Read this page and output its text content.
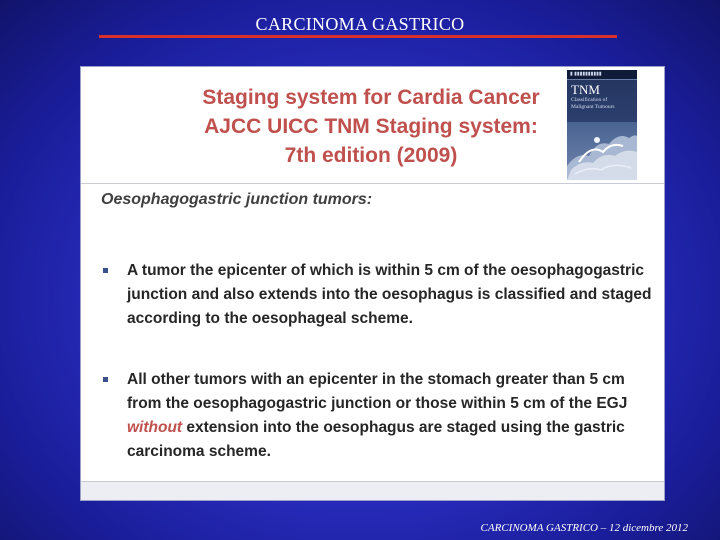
CARCINOMA GASTRICO
Staging system for Cardia Cancer
AJCC UICC TNM Staging system:
7th edition (2009)
▮ ▮▮▮▮▮▮▮▮▮▮
TNM
Classification of Malignant Tumours
Oesophagogastric junction tumors:
A tumor the epicenter of which is within 5 cm of the oesophagogastric junction and also extends into the oesophagus is classified and staged according to the oesophageal scheme.
All other tumors with an epicenter in the stomach greater than 5 cm from the oesophagogastric junction or those within 5 cm of the EGJ without extension into the oesophagus are staged using the gastric carcinoma scheme.
CARCINOMA GASTRICO – 12 dicembre 2012
